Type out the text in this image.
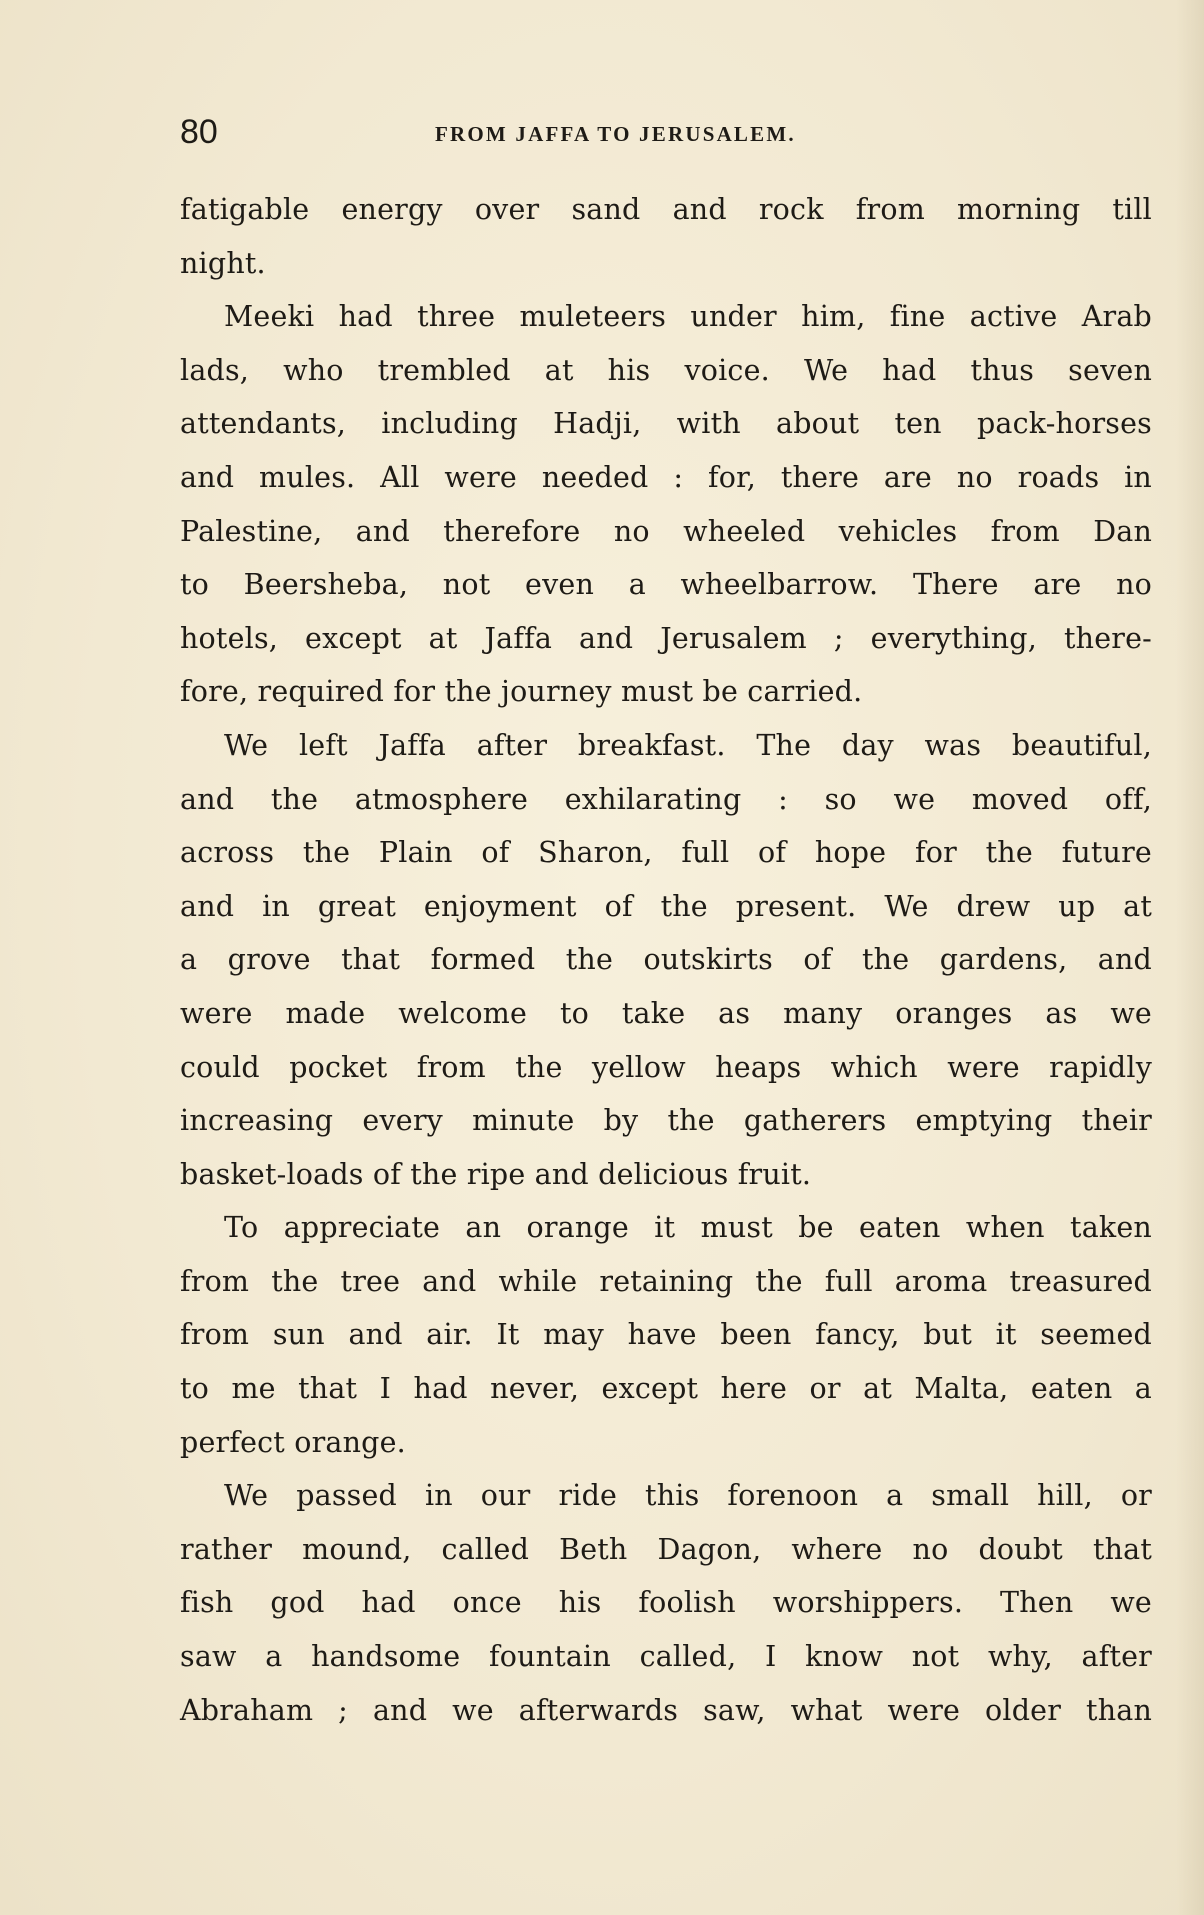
80	FROM JAFFA TO JERUSALEM.
fatigable energy over sand and rock from morning till
night.
Meeki had three muleteers under him, fine active Arab
lads, who trembled at his voice. We had thus seven
attendants, including Hadji, with about ten pack-horses
and mules. All were needed : for, there are no roads in
Palestine, and therefore no wheeled vehicles from Dan
to Beersheba, not even a wheelbarrow. There are no
hotels, except at Jaffa and Jerusalem ; everything, there-
fore, required for the journey must be carried.
We left Jaffa after breakfast. The day was beautiful,
and the atmosphere exhilarating : so we moved off,
across the Plain of Sharon, full of hope for the future
and in great enjoyment of the present. We drew up at
a grove that formed the outskirts of the gardens, and
were made welcome to take as many oranges as we
could pocket from the yellow heaps which were rapidly
increasing every minute by the gatherers emptying their
basket-loads of the ripe and delicious fruit.
To appreciate an orange it must be eaten when taken
from the tree and while retaining the full aroma treasured
from sun and air. It may have been fancy, but it seemed
to me that I had never, except here or at Malta, eaten a
perfect orange.
We passed in our ride this forenoon a small hill, or
rather mound, called Beth Dagon, where no doubt that
fish god had once his foolish worshippers. Then we
saw a handsome fountain called, I know not why, after
Abraham ; and we afterwards saw, what were older than
